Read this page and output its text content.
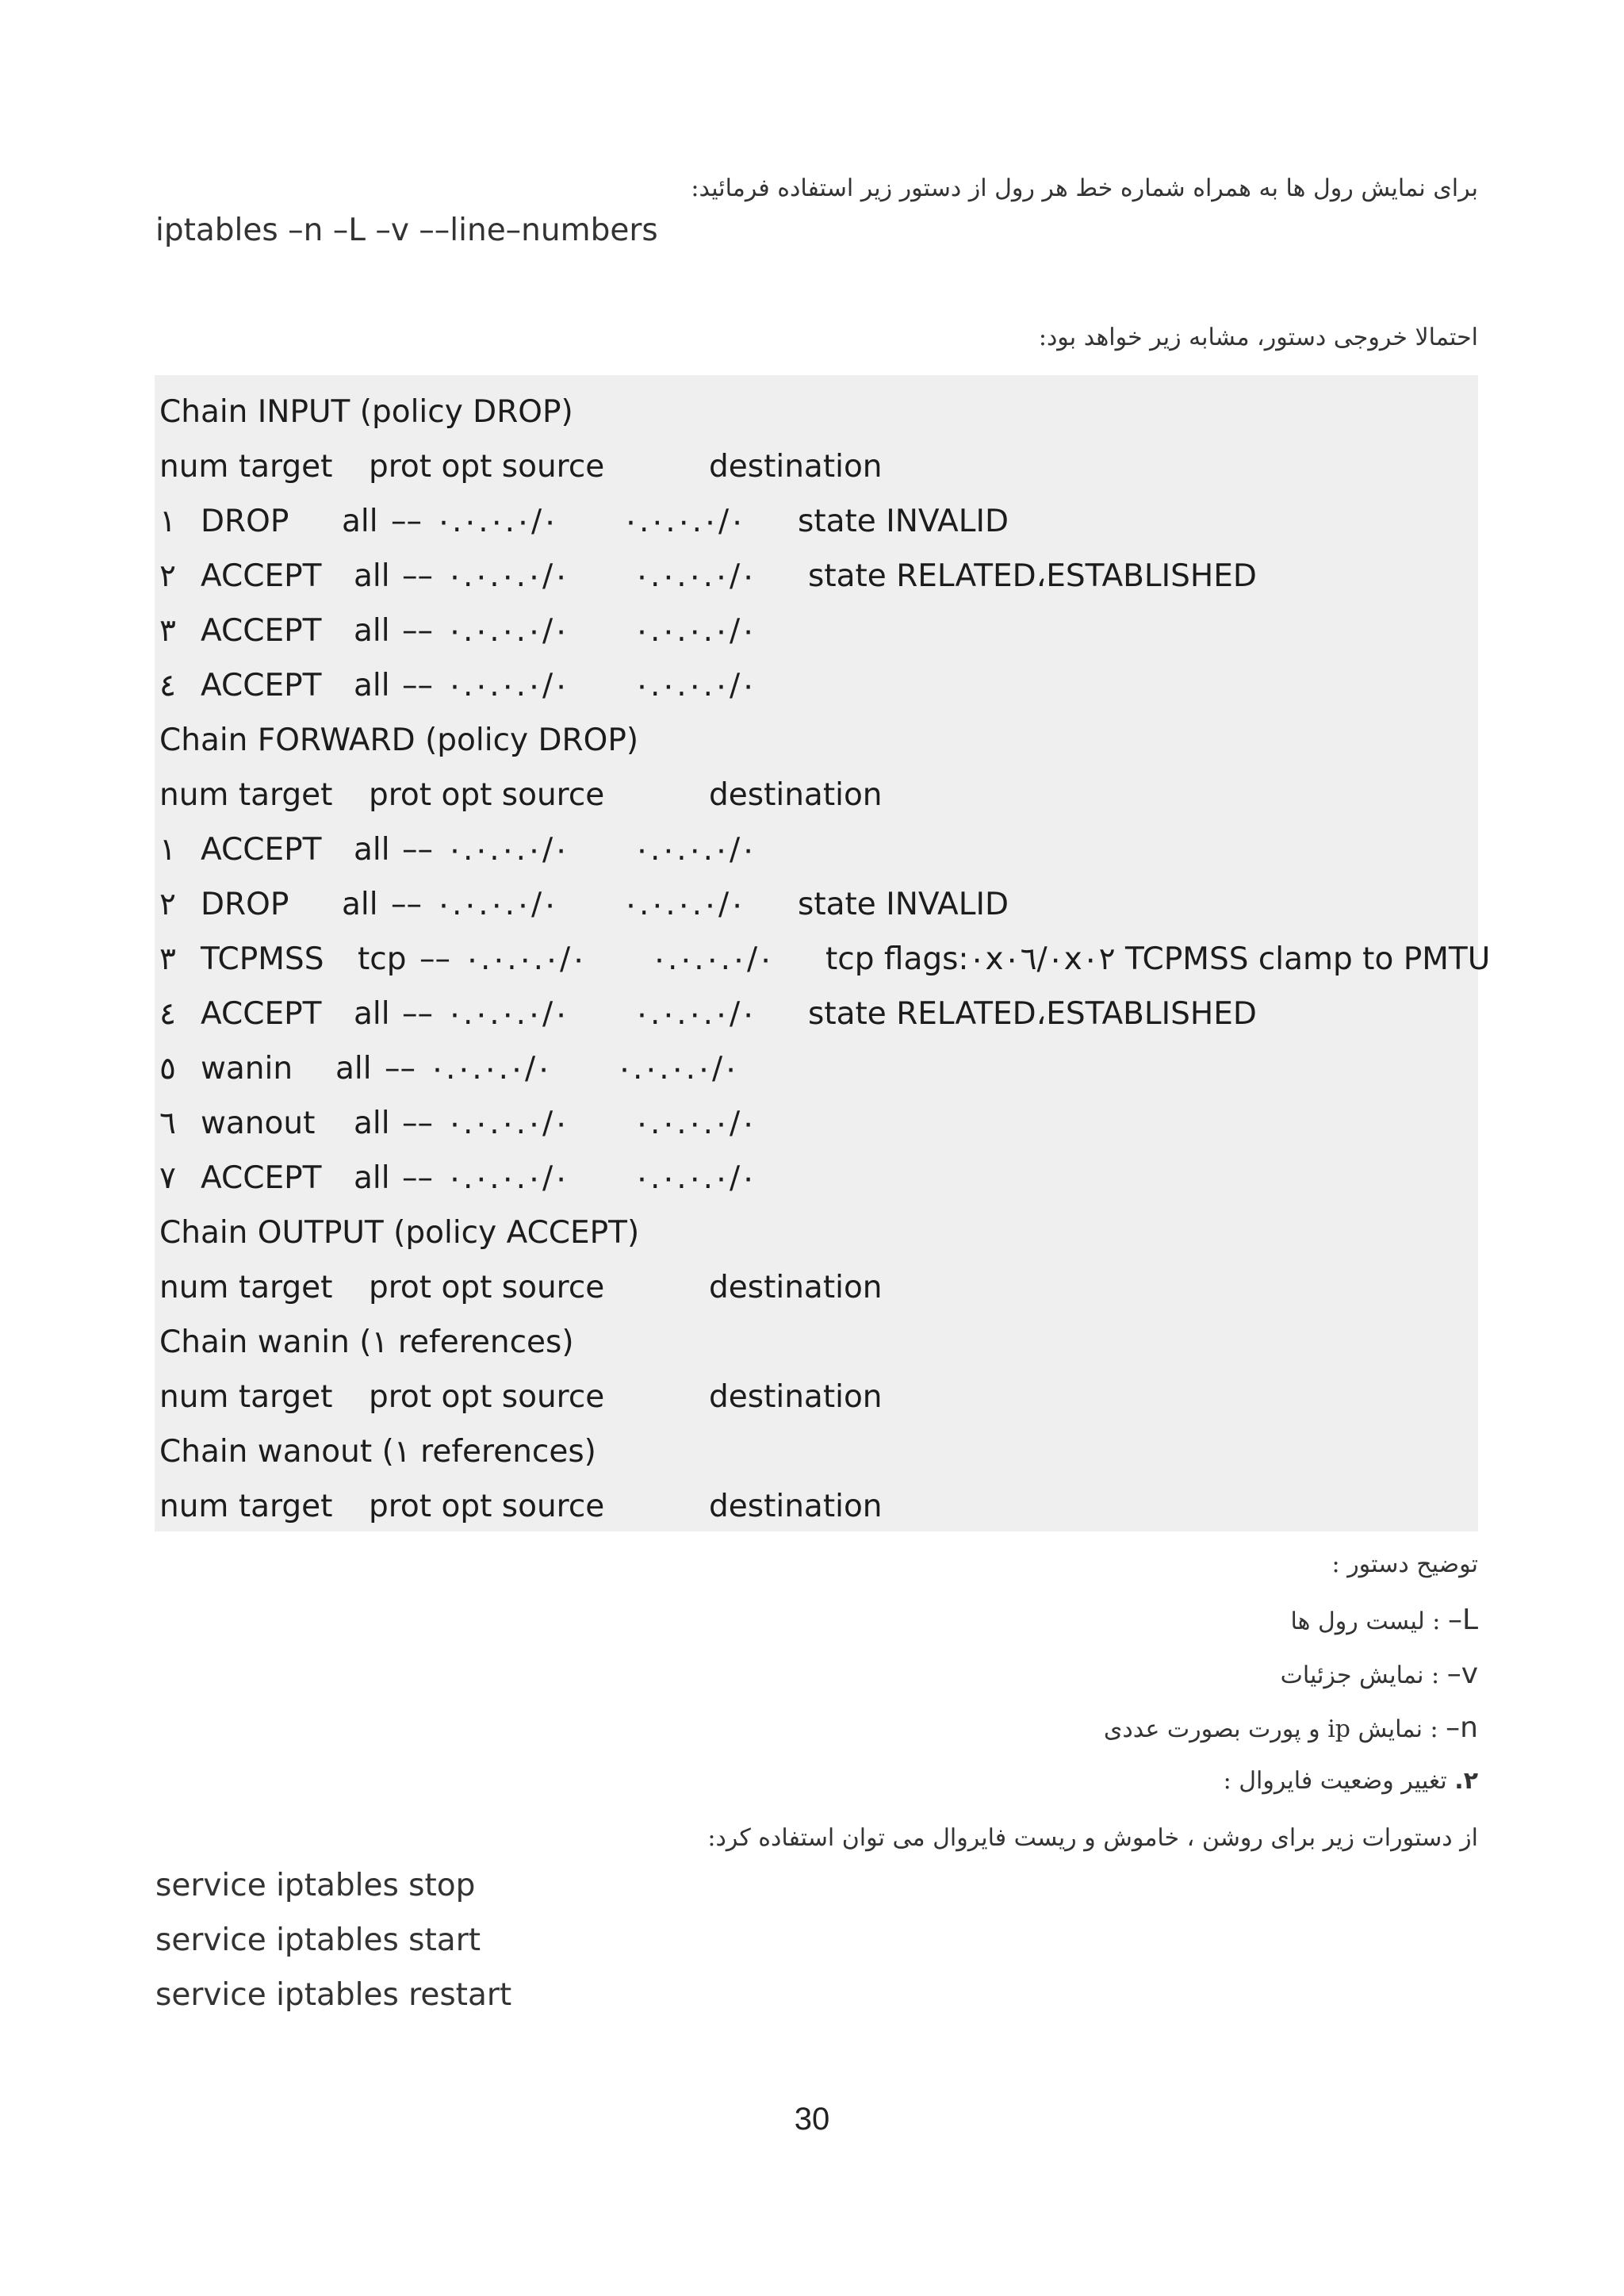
برای نمایش رول ها به همراه شماره خط هر رول از دستور زیر استفاده فرمائید:
iptables –n –L –v ––line–numbers
احتمالا خروجی دستور، مشابه زیر خواهد بود:
Chain INPUT (policy DROP)
num target prot opt source	destination
١ DROP all –– ٠.٠.٠.٠/٠ ٠.٠.٠.٠/٠ state INVALID
٢ ACCEPT all –– ٠.٠.٠.٠/٠ ٠.٠.٠.٠/٠ state RELATED،ESTABLISHED
٣ ACCEPT all –– ٠.٠.٠.٠/٠ ٠.٠.٠.٠/٠
٤ ACCEPT all –– ٠.٠.٠.٠/٠ ٠.٠.٠.٠/٠
Chain FORWARD (policy DROP)
num target prot opt source	destination
١ ACCEPT all –– ٠.٠.٠.٠/٠ ٠.٠.٠.٠/٠
٢ DROP all –– ٠.٠.٠.٠/٠ ٠.٠.٠.٠/٠ state INVALID
٣ TCPMSS tcp –– ٠.٠.٠.٠/٠ ٠.٠.٠.٠/٠ tcp flags:٠x٠٦/٠x٠٢ TCPMSS clamp to PMTU
٤ ACCEPT all –– ٠.٠.٠.٠/٠ ٠.٠.٠.٠/٠ state RELATED،ESTABLISHED
٥ wanin all –– ٠.٠.٠.٠/٠ ٠.٠.٠.٠/٠
٦ wanout all –– ٠.٠.٠.٠/٠ ٠.٠.٠.٠/٠
٧ ACCEPT all –– ٠.٠.٠.٠/٠ ٠.٠.٠.٠/٠
Chain OUTPUT (policy ACCEPT)
num target prot opt source	destination
Chain wanin (١ references)
num target prot opt source	destination
Chain wanout (١ references)
num target prot opt source	destination
توضیح دستور :
L– : لیست رول ها
v– : نمایش جزئیات
n– : نمایش ip و پورت بصورت عددی
۲. تغییر وضعیت فایروال :
از دستورات زیر برای روشن ، خاموش و ریست فایروال می توان استفاده کرد:
service iptables stop
service iptables start
service iptables restart
30
